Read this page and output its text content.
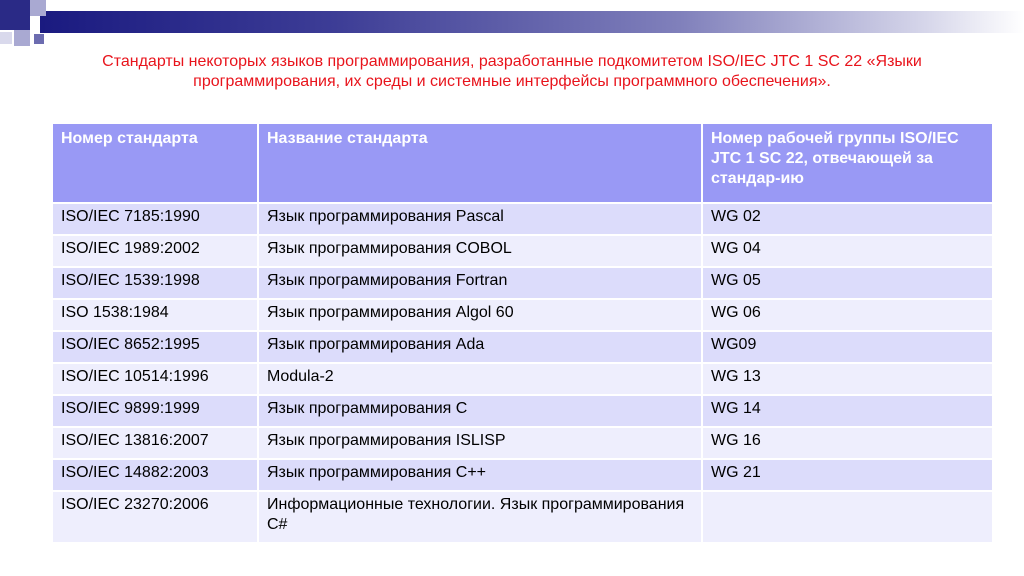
Стандарты некоторых языков программирования, разработанные подкомитетом ISO/IEC JTC 1 SC 22 «Языки программирования, их среды и системные интерфейсы программного обеспечения».
Номер стандарта	Название стандарта	Номер рабочей группы ISO/IEC JTC 1 SC 22, отвечающей за стандар-ию
ISO/IEC 7185:1990	Язык программирования Pascal	WG 02
ISO/IEC 1989:2002	Язык программирования COBOL	WG 04
ISO/IEC 1539:1998	Язык программирования Fortran	WG 05
ISO 1538:1984	Язык программирования Algol 60	WG 06
ISO/IEC 8652:1995	Язык программирования Ada	WG09
ISO/IEC 10514:1996	Modula-2	WG 13
ISO/IEC 9899:1999	Язык программирования C	WG 14
ISO/IEC 13816:2007	Язык программирования ISLISP	WG 16
ISO/IEC 14882:2003	Язык программирования C++	WG 21
ISO/IEC 23270:2006	Информационные технологии. Язык программирования C#	
